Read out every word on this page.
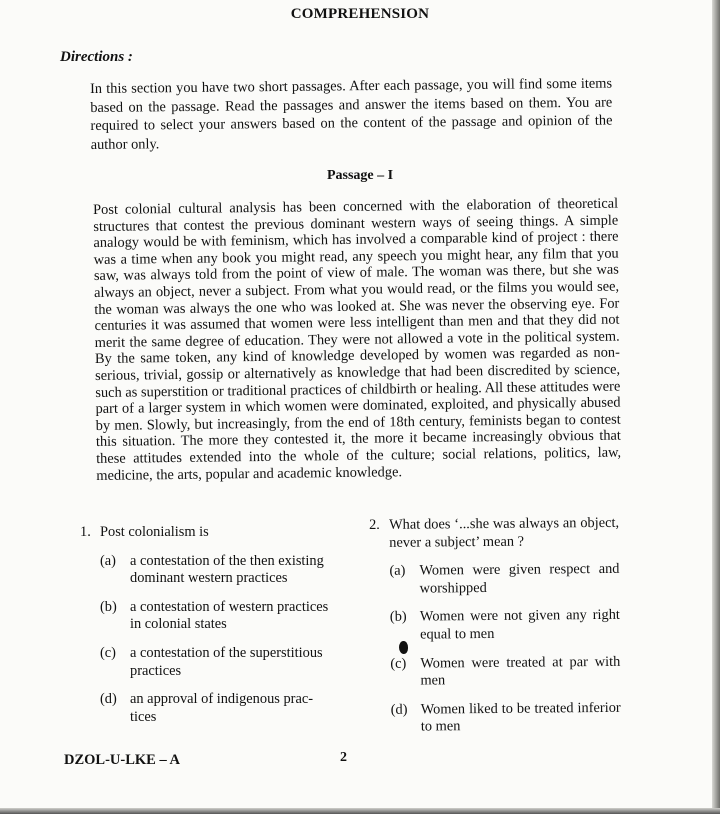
COMPREHENSION
Directions :
In this section you have two short passages. After each passage, you will find some items based on the passage. Read the passages and answer the items based on them. You are required to select your answers based on the content of the passage and opinion of the author only.
Passage – I
Post colonial cultural analysis has been concerned with the elaboration of theoretical structures that contest the previous dominant western ways of seeing things. A simple analogy would be with feminism, which has involved a comparable kind of project : there was a time when any book you might read, any speech you might hear, any film that you saw, was always told from the point of view of male. The woman was there, but she was always an object, never a subject. From what you would read, or the films you would see, the woman was always the one who was looked at. She was never the observing eye. For centuries it was assumed that women were less intelligent than men and that they did not merit the same degree of education. They were not allowed a vote in the political system. By the same token, any kind of knowledge developed by women was regarded as non-serious, trivial, gossip or alternatively as knowledge that had been discredited by science, such as superstition or traditional practices of childbirth or healing. All these attitudes were part of a larger system in which women were dominated, exploited, and physically abused by men. Slowly, but increasingly, from the end of 18th century, feminists began to contest this situation. The more they contested it, the more it became increasingly obvious that these attitudes extended into the whole of the culture; social relations, politics, law, medicine, the arts, popular and academic knowledge.
1. Post colonialism is
(a) a contestation of the then existing dominant western practices
(b) a contestation of western practices in colonial states
(c) a contestation of the superstitious practices
(d) an approval of indigenous prac-tices
2. What does ‘...she was always an object, never a subject’ mean ?
(a) Women were given respect and worshipped
(b) Women were not given any right equal to men
(c) Women were treated at par with men
(d) Women liked to be treated inferior to men
DZOL-U-LKE – A	2
